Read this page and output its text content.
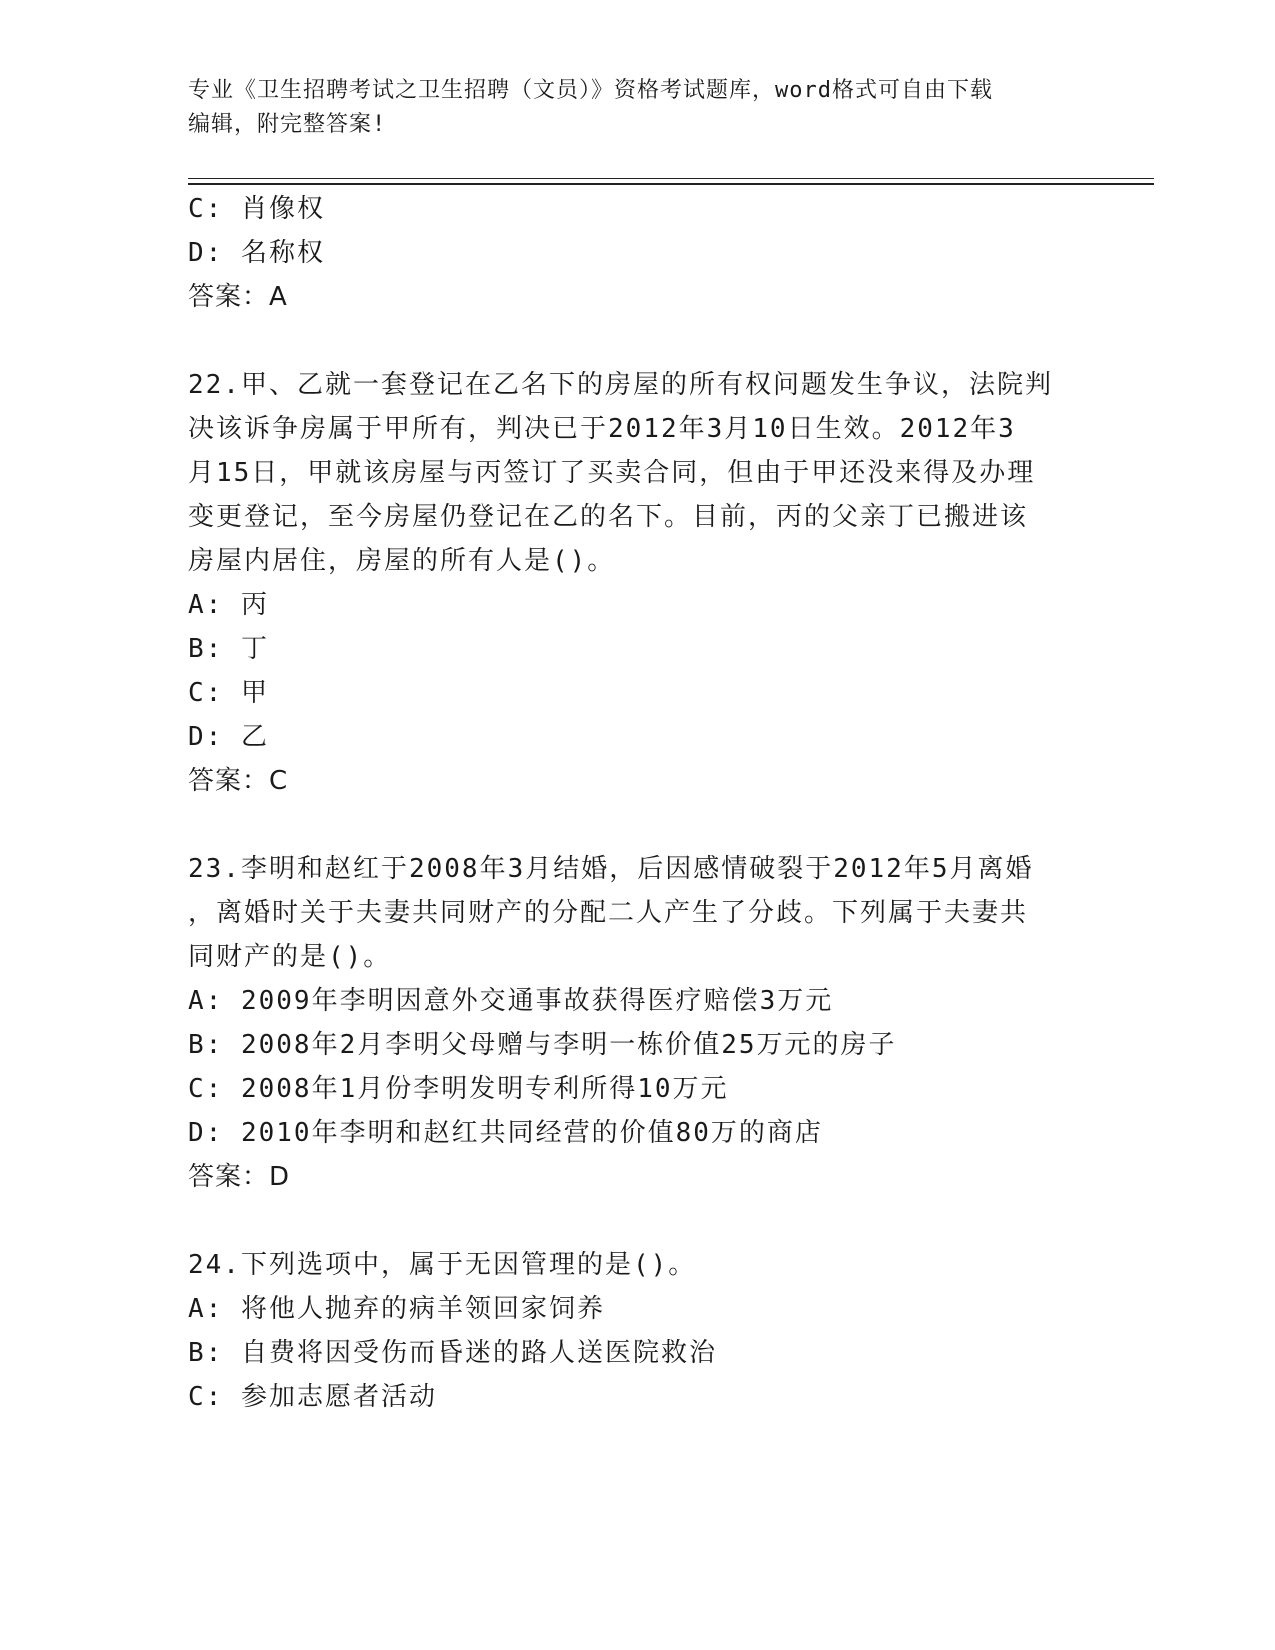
专业《卫生招聘考试之卫生招聘（文员）》资格考试题库，word格式可自由下载
编辑，附完整答案!
C: 肖像权
D: 名称权
答案：A
22.甲、乙就一套登记在乙名下的房屋的所有权问题发生争议，法院判
决该诉争房属于甲所有，判决已于2012年3月10日生效。2012年3
月15日，甲就该房屋与丙签订了买卖合同，但由于甲还没来得及办理
变更登记，至今房屋仍登记在乙的名下。目前，丙的父亲丁已搬进该
房屋内居住，房屋的所有人是()。
A: 丙
B: 丁
C: 甲
D: 乙
答案：C
23.李明和赵红于2008年3月结婚，后因感情破裂于2012年5月离婚
，离婚时关于夫妻共同财产的分配二人产生了分歧。下列属于夫妻共
同财产的是()。
A: 2009年李明因意外交通事故获得医疗赔偿3万元
B: 2008年2月李明父母赠与李明一栋价值25万元的房子
C: 2008年1月份李明发明专利所得10万元
D: 2010年李明和赵红共同经营的价值80万的商店
答案：D
24.下列选项中，属于无因管理的是()。
A: 将他人抛弃的病羊领回家饲养
B: 自费将因受伤而昏迷的路人送医院救治
C: 参加志愿者活动
